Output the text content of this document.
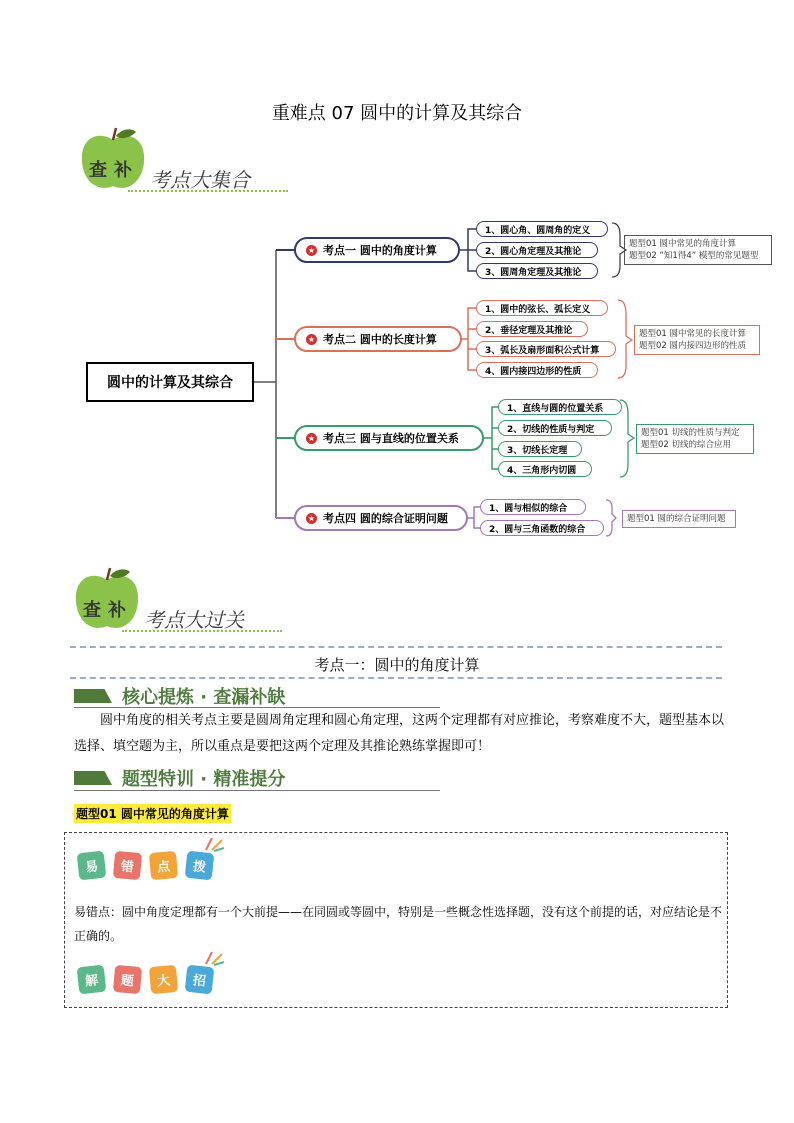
重难点 07 圆中的计算及其综合
查 补 考点大集合
圆中的计算及其综合
★ 考点一 圆中的角度计算
1、圆心角、圆周角的定义
2、圆心角定理及其推论
3、圆周角定理及其推论
题型01 圆中常见的角度计算
题型02 “知1得4” 模型的常见题型
★ 考点二 圆中的长度计算
1、圆中的弦长、弧长定义
2、垂径定理及其推论
3、弧长及扇形面积公式计算
4、圆内接四边形的性质
题型01 圆中常见的长度计算
题型02 圆内接四边形的性质
★ 考点三 圆与直线的位置关系
1、直线与圆的位置关系
2、切线的性质与判定
3、切线长定理
4、三角形内切圆
题型01 切线的性质与判定
题型02 切线的综合应用
★ 考点四 圆的综合证明问题
1、圆与相似的综合
2、圆与三角函数的综合
题型01 圆的综合证明问题
查 补 考点大过关
考点一：圆中的角度计算
核心提炼 · 查漏补缺
圆中角度的相关考点主要是圆周角定理和圆心角定理，这两个定理都有对应推论，考察难度不大，题型基本以选择、填空题为主，所以重点是要把这两个定理及其推论熟练掌握即可！
题型特训 · 精准提分
题型01 圆中常见的角度计算
易	错	点	拨
易错点：圆中角度定理都有一个大前提——在同圆或等圆中，特别是一些概念性选择题，没有这个前提的话，对应结论是不正确的。
解	题	大	招
